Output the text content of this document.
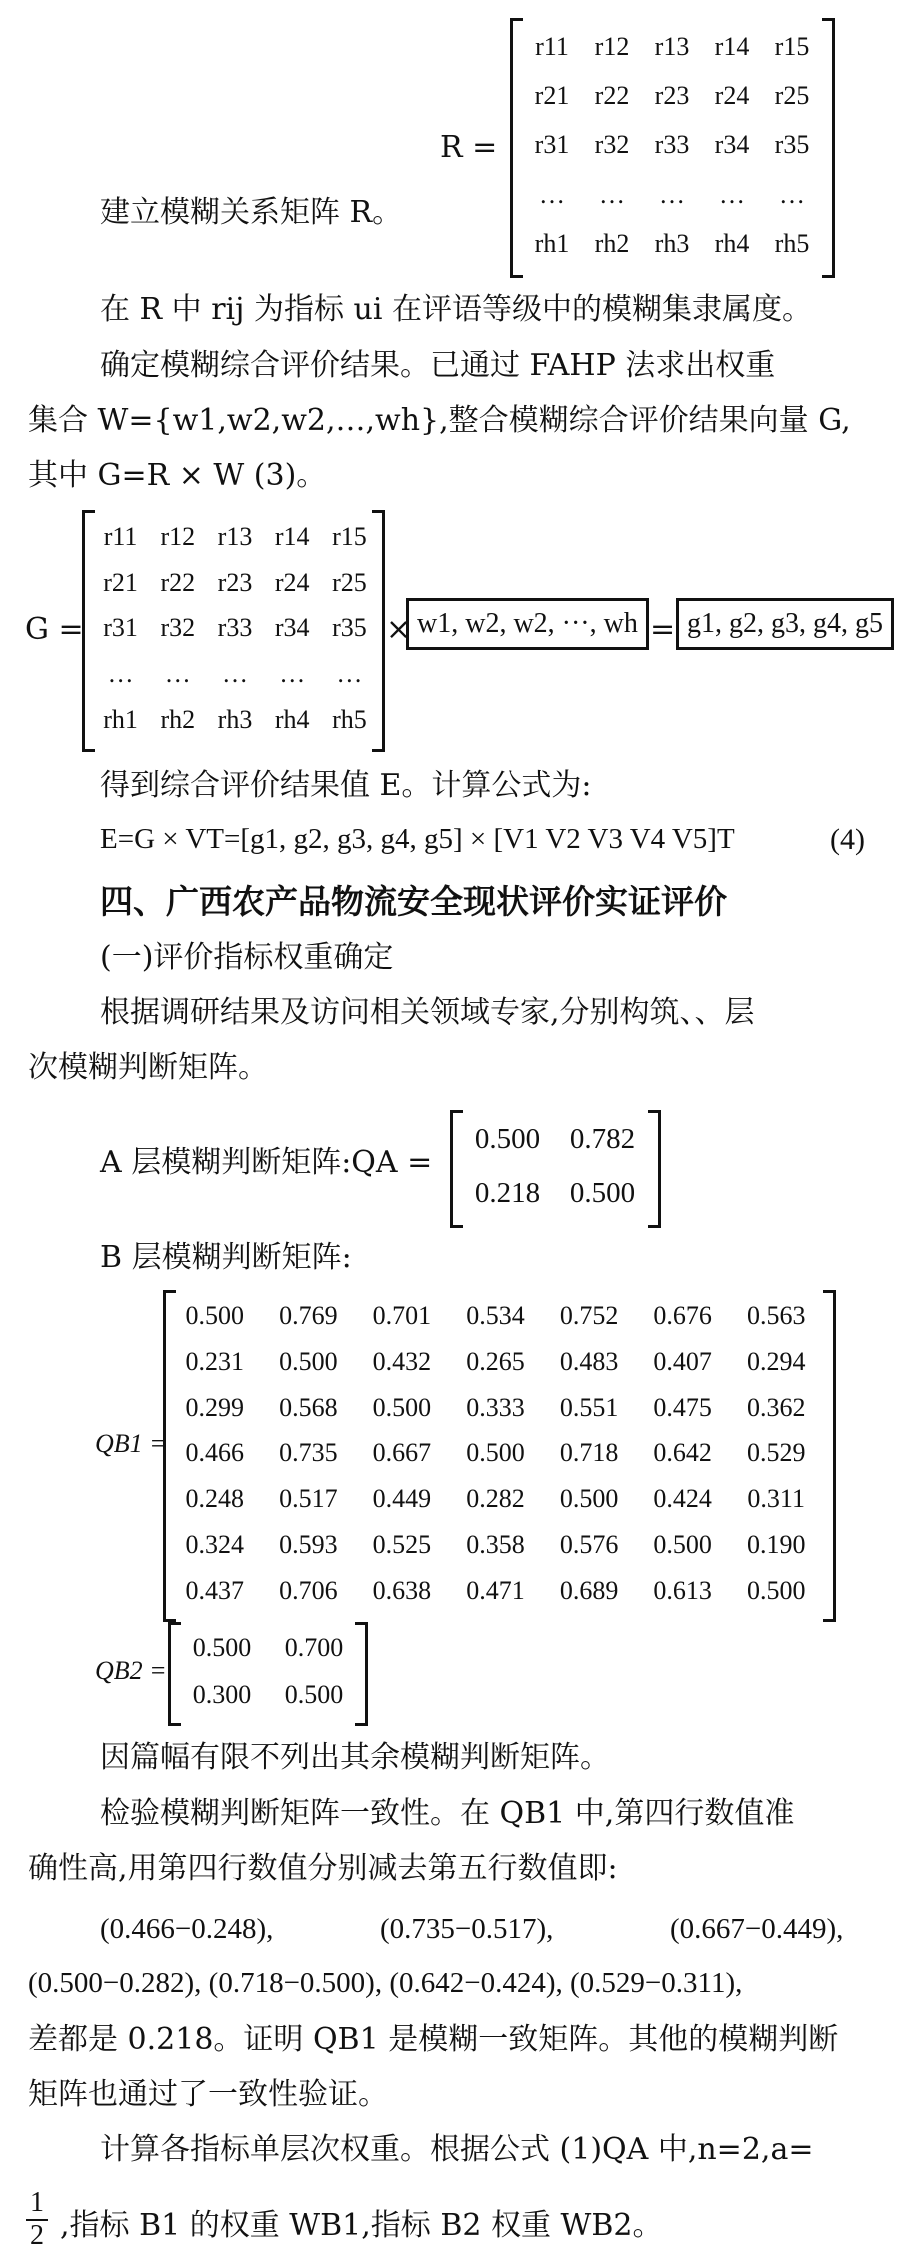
R =
建立模糊关系矩阵 R。
r11 r12 r13 r14 r15
r21 r22 r23 r24 r25
r31 r32 r33 r34 r35
…	…	…	…	…
rh1 rh2 rh3 rh4 rh5
在 R 中 rij 为指标 ui 在评语等级中的模糊集隶属度。
确定模糊综合评价结果。已通过 FAHP 法求出权重
集合 W={w1,w2,w2,…,wh},整合模糊综合评价结果向量 G,
其中 G=R × W (3)。
G =
r11 r12 r13 r14 r15
r21 r22 r23 r24 r25
r31 r32 r33 r34 r35
…	…	…	…	…
rh1 rh2 rh3 rh4 rh5
× w1, w2, w2, ···, wh = g1, g2, g3, g4, g5
得到综合评价结果值 E。计算公式为:
E=G × VT=[g1, g2, g3, g4, g5] × [V1 V2 V3 V4 V5]T	(4)
四、广西农产品物流安全现状评价实证评价
(一)评价指标权重确定
根据调研结果及访问相关领域专家,分别构筑、、层
次模糊判断矩阵。
A 层模糊判断矩阵:QA =
0.500	0.782
0.218	0.500
B 层模糊判断矩阵:
QB1 =
0.500	0.769	0.701	0.534	0.752	0.676	0.563
0.231	0.500	0.432	0.265	0.483	0.407	0.294
0.299	0.568	0.500	0.333	0.551	0.475	0.362
0.466	0.735	0.667	0.500	0.718	0.642	0.529
0.248	0.517	0.449	0.282	0.500	0.424	0.311
0.324	0.593	0.525	0.358	0.576	0.500	0.190
0.437	0.706	0.638	0.471	0.689	0.613	0.500
QB2 =
0.500	0.700
0.300	0.500
因篇幅有限不列出其余模糊判断矩阵。
检验模糊判断矩阵一致性。在 QB1 中,第四行数值准
确性高,用第四行数值分别减去第五行数值即:
(0.466−0.248),	(0.735−0.517),	(0.667−0.449),
(0.500−0.282), (0.718−0.500), (0.642−0.424), (0.529−0.311),
差都是 0.218。证明 QB1 是模糊一致矩阵。其他的模糊判断
矩阵也通过了一致性验证。
计算各指标单层次权重。根据公式 (1)QA 中,n=2,a=
$\frac{1}{2}$ ,指标 B1 的权重 WB1,指标 B2 权重 WB2。
